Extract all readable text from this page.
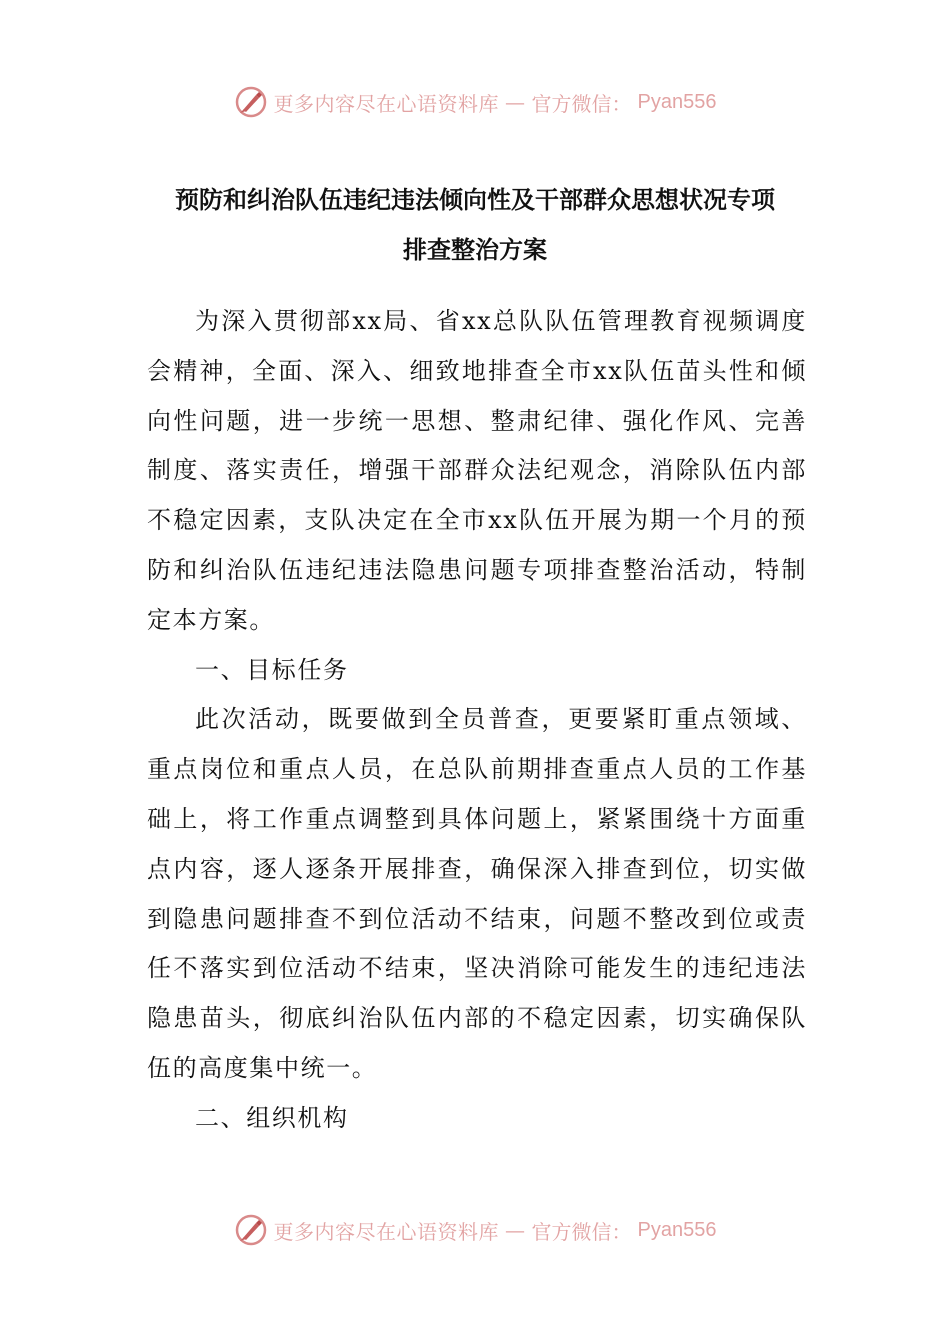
更多内容尽在心语资料库 — 官方微信： Pyan556
预防和纠治队伍违纪违法倾向性及干部群众思想状况专项
排查整治方案

为深入贯彻部xx局、省xx总队队伍管理教育视频调度会精神，全面、深入、细致地排查全市xx队伍苗头性和倾向性问题，进一步统一思想、整肃纪律、强化作风、完善制度、落实责任，增强干部群众法纪观念，消除队伍内部不稳定因素，支队决定在全市xx队伍开展为期一个月的预防和纠治队伍违纪违法隐患问题专项排查整治活动，特制定本方案。

一、目标任务

此次活动，既要做到全员普查，更要紧盯重点领域、重点岗位和重点人员，在总队前期排查重点人员的工作基础上，将工作重点调整到具体问题上，紧紧围绕十方面重点内容，逐人逐条开展排查，确保深入排查到位，切实做到隐患问题排查不到位活动不结束，问题不整改到位或责任不落实到位活动不结束，坚决消除可能发生的违纪违法隐患苗头，彻底纠治队伍内部的不稳定因素，切实确保队伍的高度集中统一。

二、组织机构

更多内容尽在心语资料库 — 官方微信： Pyan556
